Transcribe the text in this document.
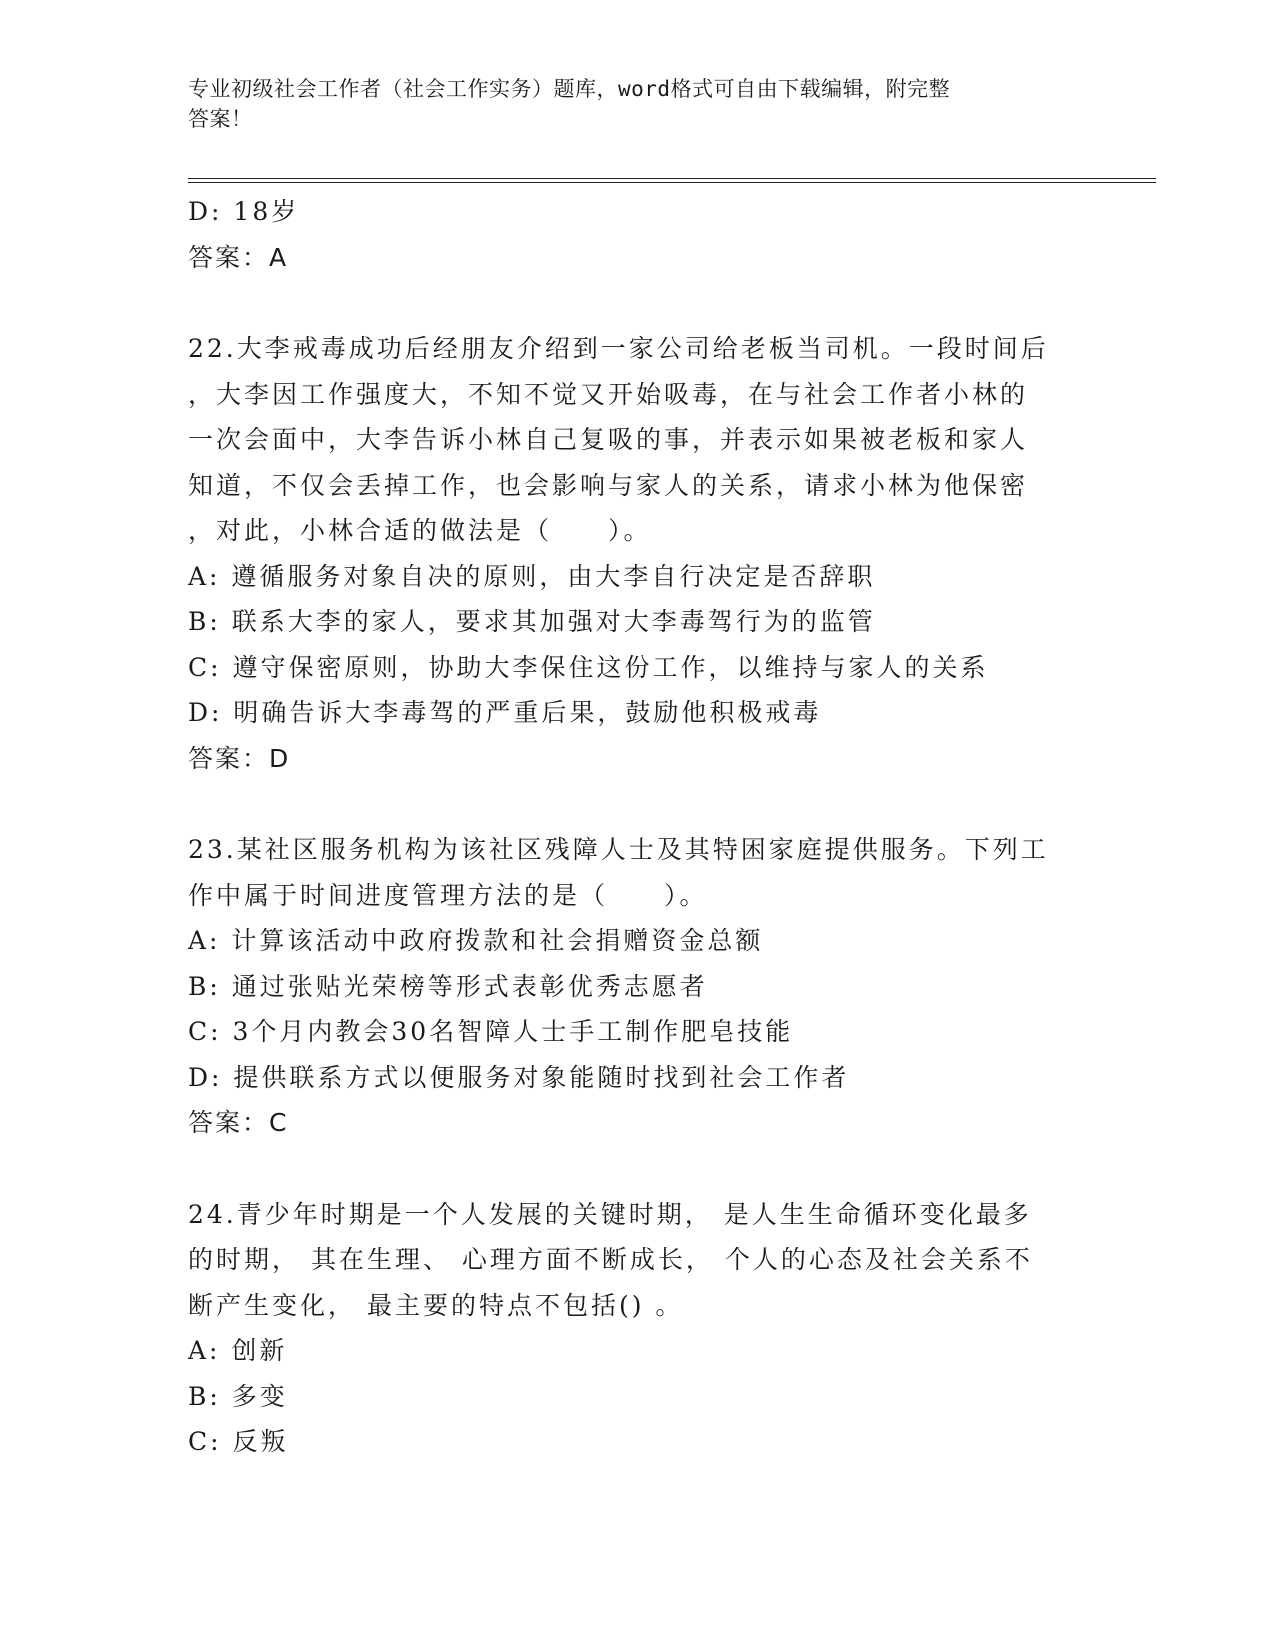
专业初级社会工作者（社会工作实务）题库，word格式可自由下载编辑，附完整
答案！
D: 18岁
答案：A
22.大李戒毒成功后经朋友介绍到一家公司给老板当司机。一段时间后
，大李因工作强度大，不知不觉又开始吸毒，在与社会工作者小林的
一次会面中，大李告诉小林自己复吸的事，并表示如果被老板和家人
知道，不仅会丢掉工作，也会影响与家人的关系，请求小林为他保密
，对此，小林合适的做法是（　　）。
A: 遵循服务对象自决的原则，由大李自行决定是否辞职
B: 联系大李的家人，要求其加强对大李毒驾行为的监管
C: 遵守保密原则，协助大李保住这份工作，以维持与家人的关系
D: 明确告诉大李毒驾的严重后果，鼓励他积极戒毒
答案：D
23.某社区服务机构为该社区残障人士及其特困家庭提供服务。下列工
作中属于时间进度管理方法的是（　　）。
A: 计算该活动中政府拨款和社会捐赠资金总额
B: 通过张贴光荣榜等形式表彰优秀志愿者
C: 3个月内教会30名智障人士手工制作肥皂技能
D: 提供联系方式以便服务对象能随时找到社会工作者
答案：C
24.青少年时期是一个人发展的关键时期， 是人生生命循环变化最多
的时期， 其在生理、 心理方面不断成长， 个人的心态及社会关系不
断产生变化， 最主要的特点不包括() 。
A: 创新
B: 多变
C: 反叛
